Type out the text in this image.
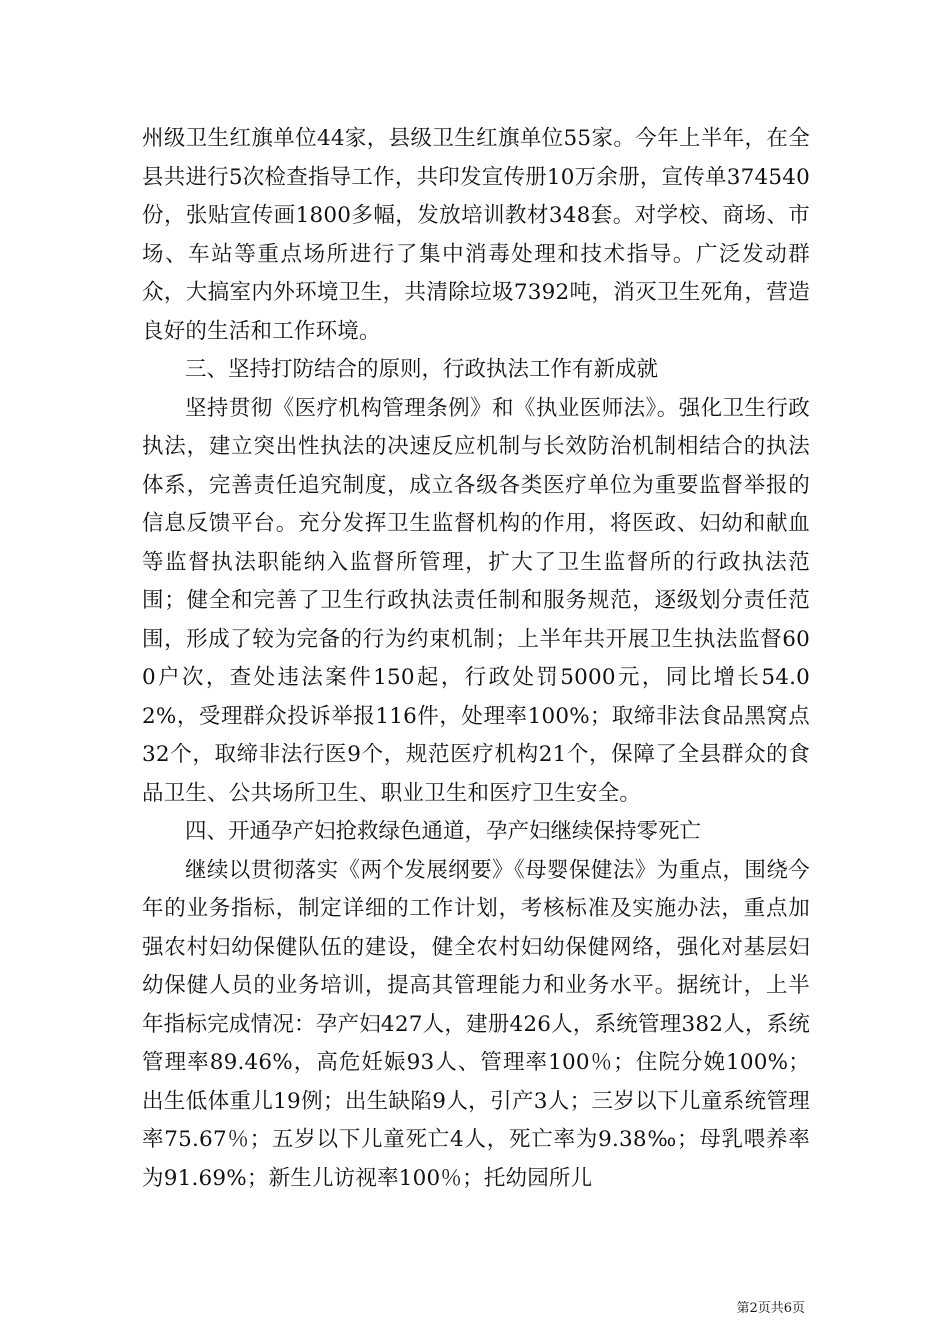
州级卫生红旗单位44家，县级卫生红旗单位55家。今年上半年，在全县共进行5次检查指导工作，共印发宣传册10万余册，宣传单374540份，张贴宣传画1800多幅，发放培训教材348套。对学校、商场、市场、车站等重点场所进行了集中消毒处理和技术指导。广泛发动群众，大搞室内外环境卫生，共清除垃圾7392吨，消灭卫生死角，营造良好的生活和工作环境。

三、坚持打防结合的原则，行政执法工作有新成就

坚持贯彻《医疗机构管理条例》和《执业医师法》。强化卫生行政执法，建立突出性执法的决速反应机制与长效防治机制相结合的执法体系，完善责任追究制度，成立各级各类医疗单位为重要监督举报的信息反馈平台。充分发挥卫生监督机构的作用，将医政、妇幼和献血等监督执法职能纳入监督所管理，扩大了卫生监督所的行政执法范围；健全和完善了卫生行政执法责任制和服务规范，逐级划分责任范围，形成了较为完备的行为约束机制；上半年共开展卫生执法监督600户次，查处违法案件150起，行政处罚5000元，同比增长54.02%，受理群众投诉举报116件，处理率100%；取缔非法食品黑窝点32个，取缔非法行医9个，规范医疗机构21个，保障了全县群众的食品卫生、公共场所卫生、职业卫生和医疗卫生安全。

四、开通孕产妇抢救绿色通道，孕产妇继续保持零死亡

继续以贯彻落实《两个发展纲要》《母婴保健法》为重点，围绕今年的业务指标，制定详细的工作计划，考核标准及实施办法，重点加强农村妇幼保健队伍的建设，健全农村妇幼保健网络，强化对基层妇幼保健人员的业务培训，提高其管理能力和业务水平。据统计，上半年指标完成情况：孕产妇427人，建册426人，系统管理382人，系统管理率89.46%，高危妊娠93人、管理率100％；住院分娩100%；出生低体重儿19例；出生缺陷9人，引产3人；三岁以下儿童系统管理率75.67％；五岁以下儿童死亡4人，死亡率为9.38‰；母乳喂养率为91.69%；新生儿访视率100％；托幼园所儿

第2页共6页
